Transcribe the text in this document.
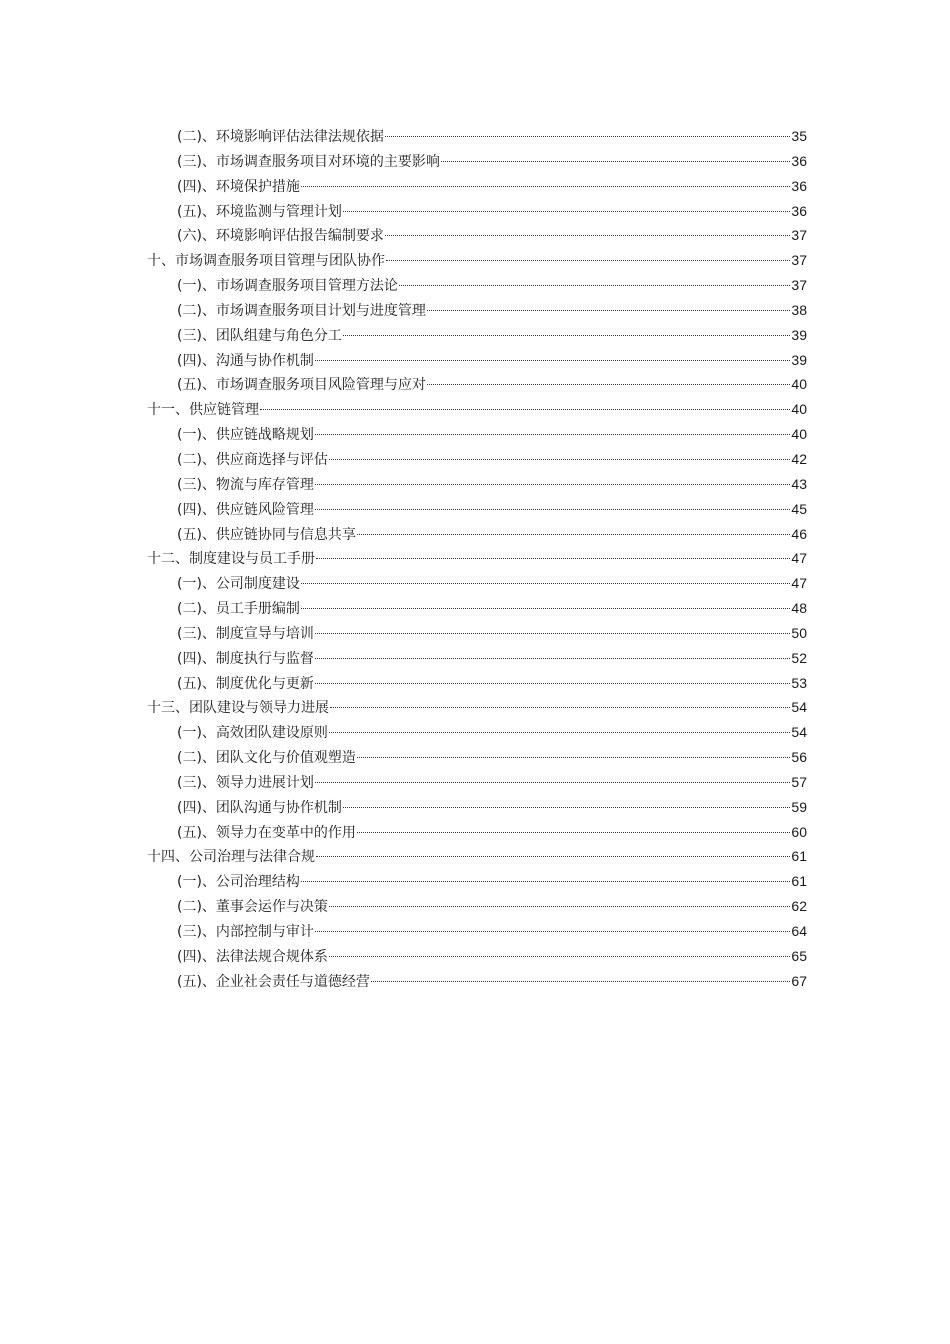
(二)、环境影响评估法律法规依据	35
(三)、市场调查服务项目对环境的主要影响	36
(四)、环境保护措施	36
(五)、环境监测与管理计划	36
(六)、环境影响评估报告编制要求	37
十、市场调查服务项目管理与团队协作	37
(一)、市场调查服务项目管理方法论	37
(二)、市场调查服务项目计划与进度管理	38
(三)、团队组建与角色分工	39
(四)、沟通与协作机制	39
(五)、市场调查服务项目风险管理与应对	40
十一、供应链管理	40
(一)、供应链战略规划	40
(二)、供应商选择与评估	42
(三)、物流与库存管理	43
(四)、供应链风险管理	45
(五)、供应链协同与信息共享	46
十二、制度建设与员工手册	47
(一)、公司制度建设	47
(二)、员工手册编制	48
(三)、制度宣导与培训	50
(四)、制度执行与监督	52
(五)、制度优化与更新	53
十三、团队建设与领导力进展	54
(一)、高效团队建设原则	54
(二)、团队文化与价值观塑造	56
(三)、领导力进展计划	57
(四)、团队沟通与协作机制	59
(五)、领导力在变革中的作用	60
十四、公司治理与法律合规	61
(一)、公司治理结构	61
(二)、董事会运作与决策	62
(三)、内部控制与审计	64
(四)、法律法规合规体系	65
(五)、企业社会责任与道德经营	67
